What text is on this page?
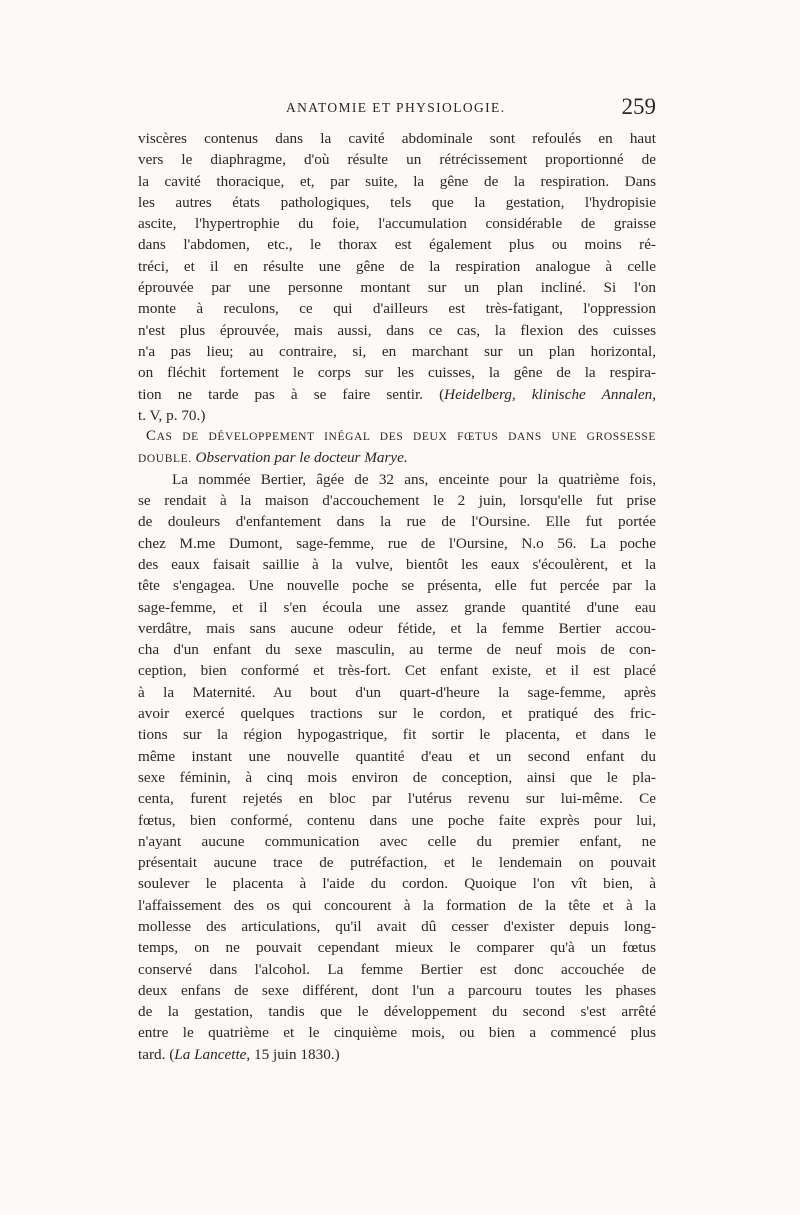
ANATOMIE ET PHYSIOLOGIE.	259
viscères contenus dans la cavité abdominale sont refoulés en haut
vers le diaphragme, d'où résulte un rétrécissement proportionné de
la cavité thoracique, et, par suite, la gêne de la respiration. Dans
les autres états pathologiques, tels que la gestation, l'hydropisie
ascite, l'hypertrophie du foie, l'accumulation considérable de graisse
dans l'abdomen, etc., le thorax est également plus ou moins ré-
tréci, et il en résulte une gêne de la respiration analogue à celle
éprouvée par une personne montant sur un plan incliné. Si l'on
monte à reculons, ce qui d'ailleurs est très-fatigant, l'oppression
n'est plus éprouvée, mais aussi, dans ce cas, la flexion des cuisses
n'a pas lieu; au contraire, si, en marchant sur un plan horizontal,
on fléchit fortement le corps sur les cuisses, la gêne de la respira-
tion ne tarde pas à se faire sentir. (Heidelberg, klinische Annalen,
t. V, p. 70.)
CAS DE DÉVELOPPEMENT INÉGAL DES DEUX FŒTUS DANS UNE GROSSESSE
DOUBLE. Observation par le docteur Marye.
La nommée Bertier, âgée de 32 ans, enceinte pour la quatrième fois,
se rendait à la maison d'accouchement le 2 juin, lorsqu'elle fut prise
de douleurs d'enfantement dans la rue de l'Oursine. Elle fut portée
chez M.me Dumont, sage-femme, rue de l'Oursine, N.o 56. La poche
des eaux faisait saillie à la vulve, bientôt les eaux s'écoulèrent, et la
tête s'engagea. Une nouvelle poche se présenta, elle fut percée par la
sage-femme, et il s'en écoula une assez grande quantité d'une eau
verdâtre, mais sans aucune odeur fétide, et la femme Bertier accou-
cha d'un enfant du sexe masculin, au terme de neuf mois de con-
ception, bien conformé et très-fort. Cet enfant existe, et il est placé
à la Maternité. Au bout d'un quart-d'heure la sage-femme, après
avoir exercé quelques tractions sur le cordon, et pratiqué des fric-
tions sur la région hypogastrique, fit sortir le placenta, et dans le
même instant une nouvelle quantité d'eau et un second enfant du
sexe féminin, à cinq mois environ de conception, ainsi que le pla-
centa, furent rejetés en bloc par l'utérus revenu sur lui-même. Ce
fœtus, bien conformé, contenu dans une poche faite exprès pour lui,
n'ayant aucune communication avec celle du premier enfant, ne
présentait aucune trace de putréfaction, et le lendemain on pouvait
soulever le placenta à l'aide du cordon. Quoique l'on vît bien, à
l'affaissement des os qui concourent à la formation de la tête et à la
mollesse des articulations, qu'il avait dû cesser d'exister depuis long-
temps, on ne pouvait cependant mieux le comparer qu'à un fœtus
conservé dans l'alcohol. La femme Bertier est donc accouchée de
deux enfans de sexe différent, dont l'un a parcouru toutes les phases
de la gestation, tandis que le développement du second s'est arrêté
entre le quatrième et le cinquième mois, ou bien a commencé plus
tard. (La Lancette, 15 juin 1830.)
